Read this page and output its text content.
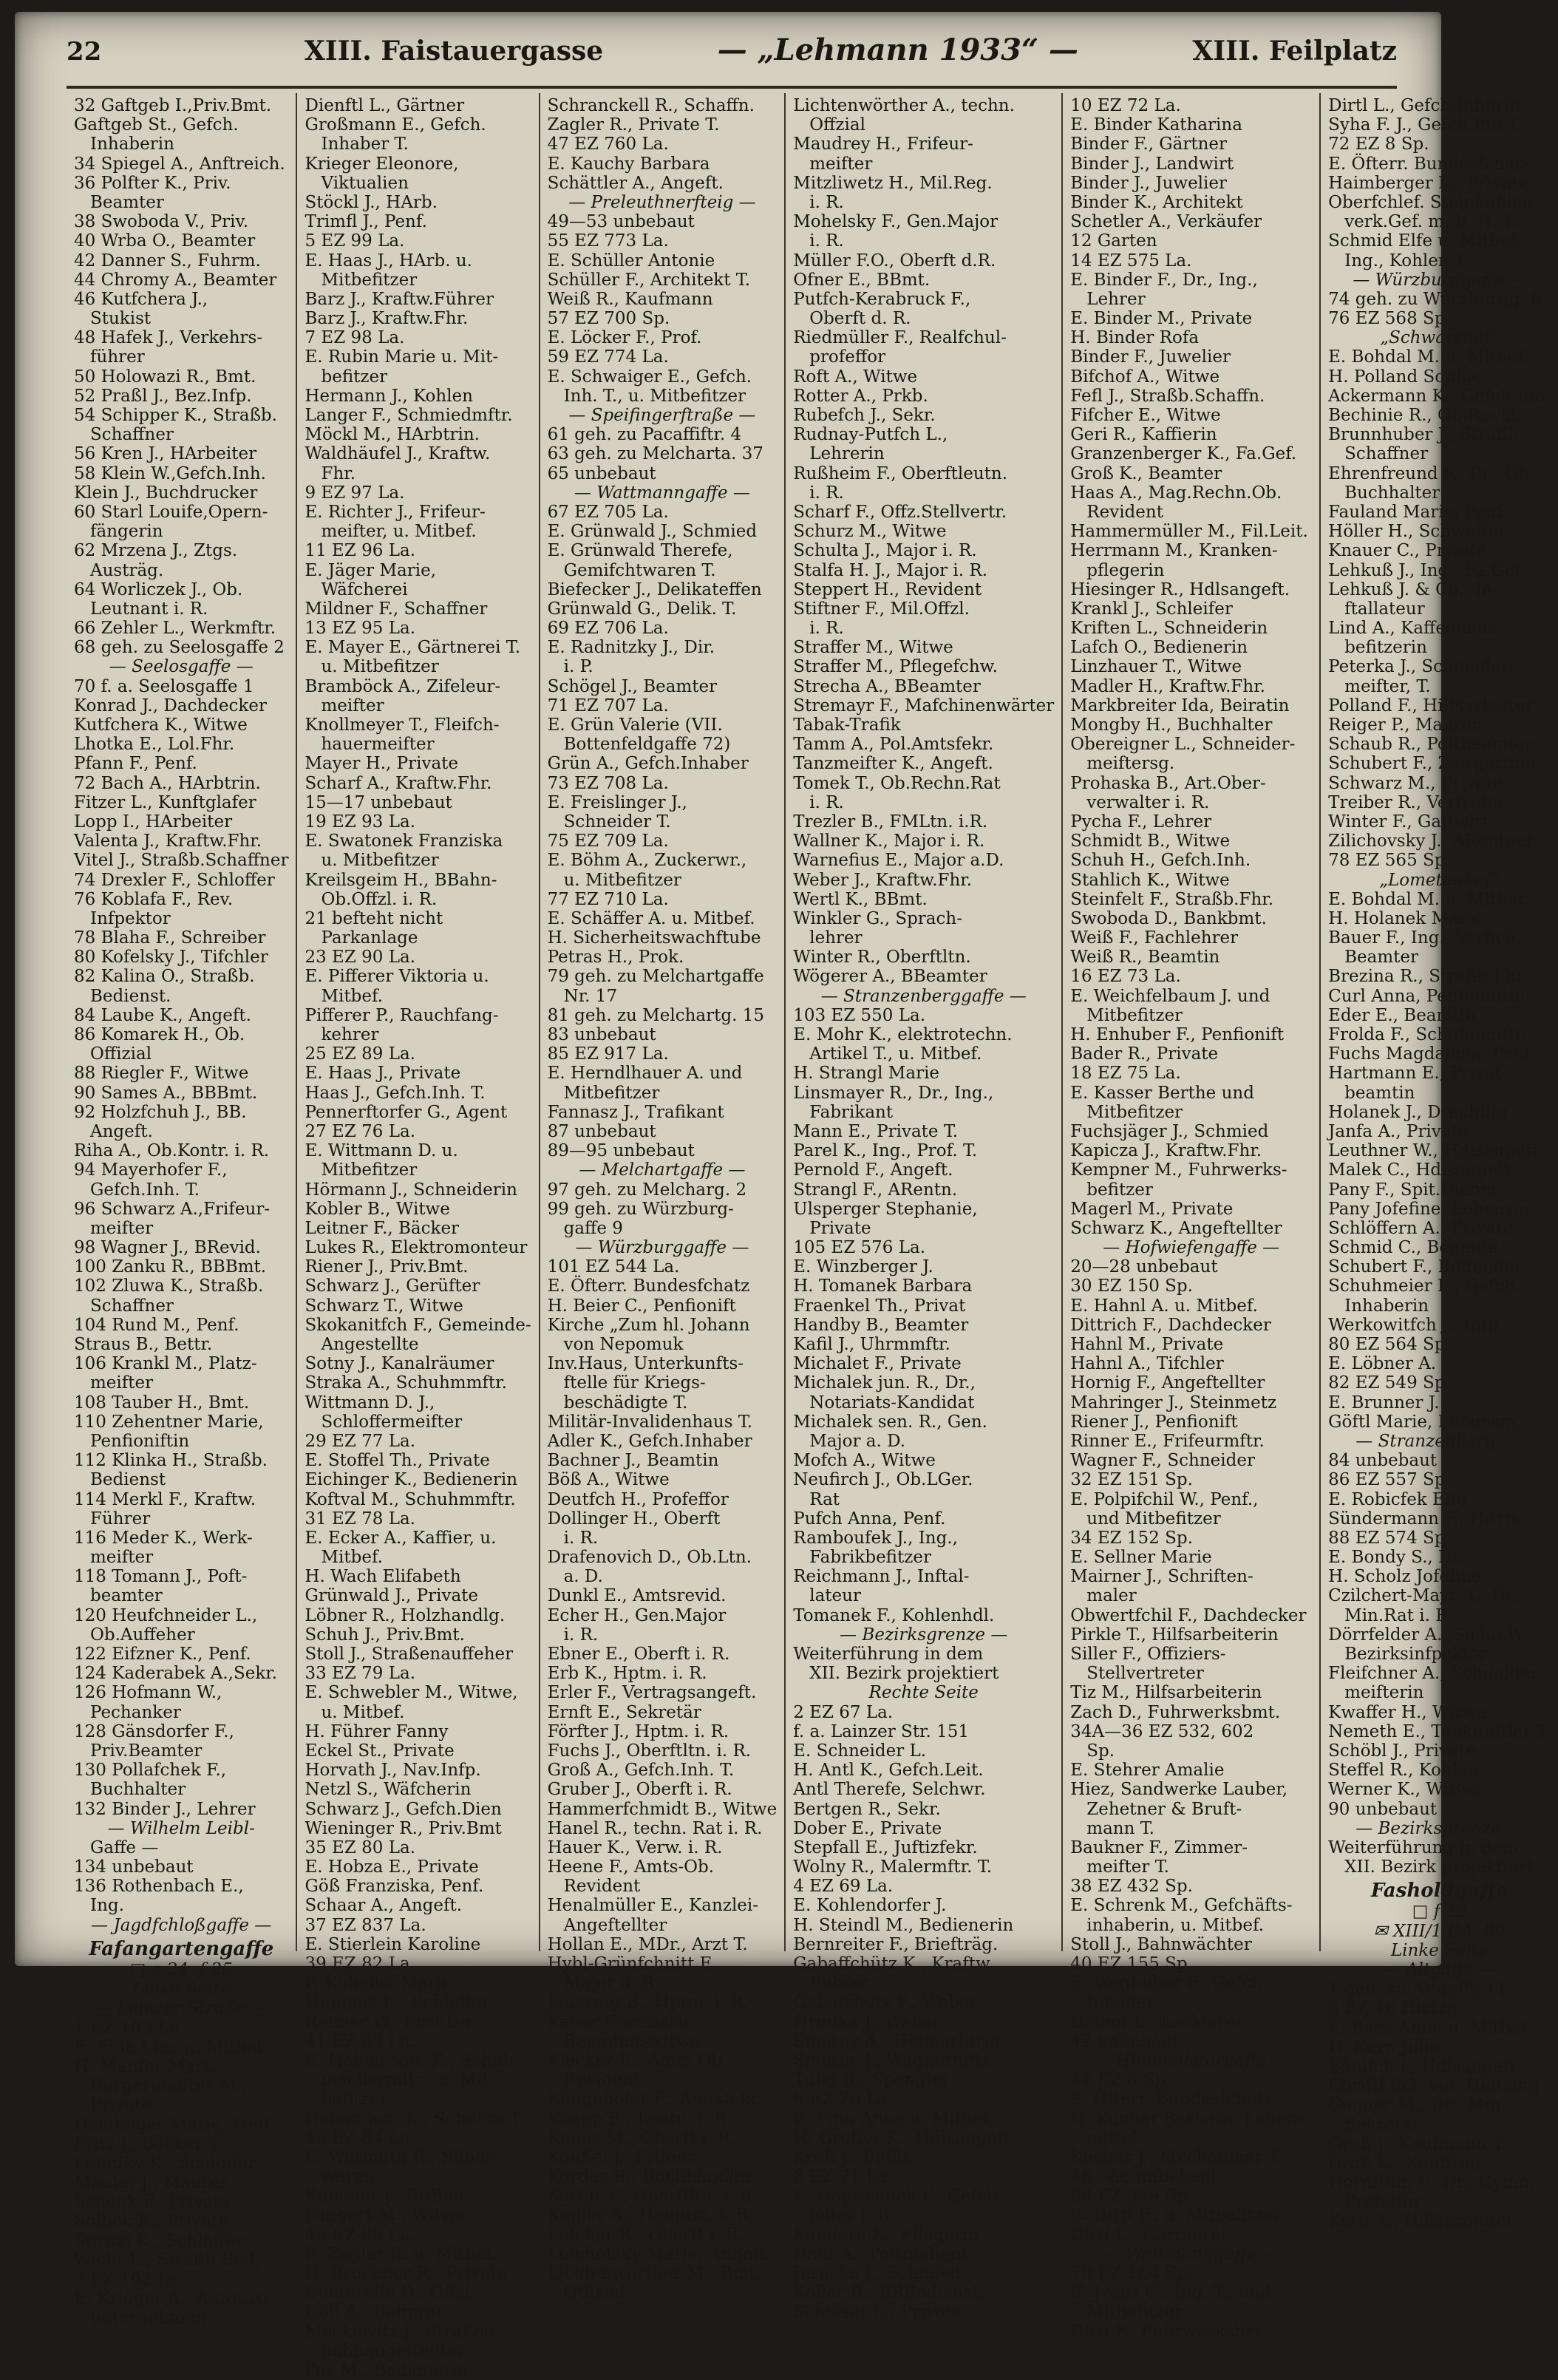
22	XIII. Faistauergasse	— „Lehmann 1933“ —	XIII. Feilplatz
32 Gaftgeb I.,Priv.Bmt.
Gaftgeb St., Gefch.
Inhaberin
34 Spiegel A., Anftreich.
36 Polfter K., Priv.
Beamter
38 Swoboda V., Priv.
40 Wrba O., Beamter
42 Danner S., Fuhrm.
44 Chromy A., Beamter
46 Kutfchera J.,
Stukist
48 Hafek J., Verkehrs-
führer
50 Holowazi R., Bmt.
52 Praßl J., Bez.Infp.
54 Schipper K., Straßb.
Schaffner
56 Kren J., HArbeiter
58 Klein W.,Gefch.Inh.
Klein J., Buchdrucker
60 Starl Louife,Opern-
fängerin
62 Mrzena J., Ztgs.
Austräg.
64 Worliczek J., Ob.
Leutnant i. R.
66 Zehler L., Werkmftr.
68 geh. zu Seelosgaffe 2
— Seelosgaffe —
70 f. a. Seelosgaffe 1
Konrad J., Dachdecker
Kutfchera K., Witwe
Lhotka E., Lol.Fhr.
Pfann F., Penf.
72 Bach A., HArbtrin.
Fitzer L., Kunftglafer
Lopp I., HArbeiter
Valenta J., Kraftw.Fhr.
Vitel J., Straßb.Schaffner
74 Drexler F., Schloffer
76 Koblafa F., Rev.
Infpektor
78 Blaha F., Schreiber
80 Kofelsky J., Tifchler
82 Kalina O., Straßb.
Bedienst.
84 Laube K., Angeft.
86 Komarek H., Ob.
Offizial
88 Riegler F., Witwe
90 Sames A., BBBmt.
92 Holzfchuh J., BB.
Angeft.
Riha A., Ob.Kontr. i. R.
94 Mayerhofer F.,
Gefch.Inh. T.
96 Schwarz A.,Frifeur-
meifter
98 Wagner J., BRevid.
100 Zanku R., BBBmt.
102 Zluwa K., Straßb.
Schaffner
104 Rund M., Penf.
Straus B., Bettr.
106 Krankl M., Platz-
meifter
108 Tauber H., Bmt.
110 Zehentner Marie,
Penfioniftin
112 Klinka H., Straßb.
Bedienst
114 Merkl F., Kraftw.
Führer
116 Meder K., Werk-
meifter
118 Tomann J., Poft-
beamter
120 Heufchneider L.,
Ob.Auffeher
122 Eifzner K., Penf.
124 Kaderabek A.,Sekr.
126 Hofmann W.,
Pechanker
128 Gänsdorfer F.,
Priv.Beamter
130 Pollafchek F.,
Buchhalter
132 Binder J., Lehrer
— Wilhelm Leibl-
Gaffe —
134 unbebaut
136 Rothenbach E.,
Ing.
— Jagdfchloßgaffe —
Fafangartengaffe
□ e 24, f 25
Linke Seite
— Lainzer Straße —
1 EZ 103 La.
E. Fink Lina u. Mitbef.
H. Manfer Mart.
Bürgermeifter M.,
Private
Demlinger Marie, Penf.
Fritz J., Bäcker T.
Lefinfky K., Schloffer
Mauler J., Maurer
Schenk F., Private
Solbek K., Private
Spritzi K., Schloffer
Wicht L., Straßb.Bed.
3 EZ 102 La.
E. Krieger A., Autotaxi-
unternehmen
Dienftl L., Gärtner
Großmann E., Gefch.
Inhaber T.
Krieger Eleonore,
Viktualien
Stöckl J., HArb.
Trimfl J., Penf.
5 EZ 99 La.
E. Haas J., HArb. u.
Mitbefitzer
Barz J., Kraftw.Führer
Barz J., Kraftw.Fhr.
7 EZ 98 La.
E. Rubin Marie u. Mit-
befitzer
Hermann J., Kohlen
Langer F., Schmiedmftr.
Möckl M., HArbtrin.
Waldhäufel J., Kraftw.
Fhr.
9 EZ 97 La.
E. Richter J., Frifeur-
meifter, u. Mitbef.
11 EZ 96 La.
E. Jäger Marie,
Wäfcherei
Mildner F., Schaffner
13 EZ 95 La.
E. Mayer E., Gärtnerei T.
u. Mitbefitzer
Bramböck A., Zifeleur-
meifter
Knollmeyer T., Fleifch-
hauermeifter
Mayer H., Private
Scharf A., Kraftw.Fhr.
15—17 unbebaut
19 EZ 93 La.
E. Swatonek Franziska
u. Mitbefitzer
Kreilsgeim H., BBahn-
Ob.Offzl. i. R.
21 befteht nicht
Parkanlage
23 EZ 90 La.
E. Pifferer Viktoria u.
Mitbef.
Pifferer P., Rauchfang-
kehrer
25 EZ 89 La.
E. Haas J., Private
Haas J., Gefch.Inh. T.
Pennerftorfer G., Agent
27 EZ 76 La.
E. Wittmann D. u.
Mitbefitzer
Hörmann J., Schneiderin
Kobler B., Witwe
Leitner F., Bäcker
Lukes R., Elektromonteur
Riener J., Priv.Bmt.
Schwarz J., Gerüfter
Schwarz T., Witwe
Skokanitfch F., Gemeinde-
Angestellte
Sotny J., Kanalräumer
Straka A., Schuhmmftr.
Wittmann D. J.,
Schloffermeifter
29 EZ 77 La.
E. Stoffel Th., Private
Eichinger K., Bedienerin
Koftval M., Schuhmmftr.
31 EZ 78 La.
E. Ecker A., Kaffier, u.
Mitbef.
H. Wach Elifabeth
Grünwald J., Private
Löbner R., Holzhandlg.
Schuh J., Priv.Bmt.
Stoll J., Straßenauffeher
33 EZ 79 La.
E. Schwebler M., Witwe,
u. Mitbef.
H. Führer Fanny
Eckel St., Private
Horvath J., Nav.Infp.
Netzl S., Wäfcherin
Schwarz J., Gefch.Dien
Wieninger R., Priv.Bmt
35 EZ 80 La.
E. Hobza E., Private
Göß Franziska, Penf.
Schaar A., Angeft.
37 EZ 837 La.
E. Stierlein Karoline
39 EZ 82 La.
F. Kubelka Marie
Huppert E., Schloffer
Renner W., Fbrf.Dir.
41 EZ 83 La.
E. Haban sen. K., Schuh-
machermftr., u. Mit-
befitzer
Haban jun. K., Schuhm.T.
43 EZ 84 La.
E. Warmuth R., Silber-
waren
Kummer J., BBBmt.
Pangert M., Witwe
45 EZ 85 La.
E. Zagler R. u. Mitbef.
H. Bruckner R., Private
Conterella D., Offzl.
Göll A., Bahnrat
Mackowitz J., Straßen-
bahnangeftellter
Pos M., Bedienerin
Schranckell R., Schaffn.
Zagler R., Private T.
47 EZ 760 La.
E. Kauchy Barbara
Schättler A., Angeft.
— Preleuthnerfteig —
49—53 unbebaut
55 EZ 773 La.
E. Schüller Antonie
Schüller F., Architekt T.
Weiß R., Kaufmann
57 EZ 700 Sp.
E. Löcker F., Prof.
59 EZ 774 La.
E. Schwaiger E., Gefch.
Inh. T., u. Mitbefitzer
— Speifingerftraße —
61 geh. zu Pacaffiftr. 4
63 geh. zu Melcharta. 37
65 unbebaut
— Wattmanngaffe —
67 EZ 705 La.
E. Grünwald J., Schmied
E. Grünwald Therefe,
Gemifchtwaren T.
Biefecker J., Delikateffen
Grünwald G., Delik. T.
69 EZ 706 La.
E. Radnitzky J., Dir.
i. P.
Schögel J., Beamter
71 EZ 707 La.
E. Grün Valerie (VII.
Bottenfeldgaffe 72)
Grün A., Gefch.Inhaber
73 EZ 708 La.
E. Freislinger J.,
Schneider T.
75 EZ 709 La.
E. Böhm A., Zuckerwr.,
u. Mitbefitzer
77 EZ 710 La.
E. Schäffer A. u. Mitbef.
H. Sicherheitswachftube
Petras H., Prok.
79 geh. zu Melchartgaffe
Nr. 17
81 geh. zu Melchartg. 15
83 unbebaut
85 EZ 917 La.
E. Herndlhauer A. und
Mitbefitzer
Fannasz J., Trafikant
87 unbebaut
89—95 unbebaut
— Melchartgaffe —
97 geh. zu Melcharg. 2
99 geh. zu Würzburg-
gaffe 9
— Würzburggaffe —
101 EZ 544 La.
E. Öfterr. Bundesfchatz
H. Beier C., Penfionift
Kirche „Zum hl. Johann
von Nepomuk
Inv.Haus, Unterkunfts-
ftelle für Kriegs-
beschädigte T.
Militär-Invalidenhaus T.
Adler K., Gefch.Inhaber
Bachner J., Beamtin
Böß A., Witwe
Deutfch H., Profeffor
Dollinger H., Oberft
i. R.
Drafenovich D., Ob.Ltn.
a. D.
Dunkl E., Amtsrevid.
Echer H., Gen.Major
i. R.
Ebner E., Oberft i. R.
Erb K., Hptm. i. R.
Erler F., Vertragsangeft.
Ernft E., Sekretär
Förfter J., Hptm. i. R.
Fuchs J., Oberftltn. i. R.
Groß A., Gefch.Inh. T.
Gruber J., Oberft i. R.
Hammerfchmidt B., Witwe
Hanel R., techn. Rat i. R.
Hauer K., Verw. i. R.
Heene F., Amts-Ob.
Revident
Henalmüller E., Kanzlei-
Angeftellter
Hollan E., MDr., Arzt T.
Hybl-Grünfchnitt E.,
Major d. R.
Jauernig B., Hptm. i. R.
Keber Franziska,
Beamtenswitwe
Klecker E., Amts-Ob.
Revident
Klingohofer F., Amtsfekr.
Knapp B., Leutn. i. R.
Knaus M., Oberft i. R.
Koußel J., Frifeur
Kordas R., Buchhändler
Kottur F., Oberftltn. i. R.
Kugler A., Hauptm. i. R.
Lefcher R., Oberft i. R.
Lefchetzky Marie, Angeft.
Lichtenwörther M., Bmt.
Offizial
Lichtenwörther A., techn.
Offzial
Maudrey H., Frifeur-
meifter
Mitzliwetz H., Mil.Reg.
i. R.
Mohelsky F., Gen.Major
i. R.
Müller F.O., Oberft d.R.
Ofner E., BBmt.
Putfch-Kerabruck F.,
Oberft d. R.
Riedmüller F., Realfchul-
profeffor
Roft A., Witwe
Rotter A., Prkb.
Rubefch J., Sekr.
Rudnay-Putfch L.,
Lehrerin
Rußheim F., Oberftleutn.
i. R.
Scharf F., Offz.Stellvertr.
Schurz M., Witwe
Schulta J., Major i. R.
Stalfa H. J., Major i. R.
Steppert H., Revident
Stiftner F., Mil.Offzl.
i. R.
Straffer M., Witwe
Straffer M., Pflegefchw.
Strecha A., BBeamter
Stremayr F., Mafchinenwärter
Tabak-Trafik
Tamm A., Pol.Amtsfekr.
Tanzmeifter K., Angeft.
Tomek T., Ob.Rechn.Rat
i. R.
Trezler B., FMLtn. i.R.
Wallner K., Major i. R.
Warnefius E., Major a.D.
Weber J., Kraftw.Fhr.
Wertl K., BBmt.
Winkler G., Sprach-
lehrer
Winter R., Oberftltn.
Wögerer A., BBeamter
— Stranzenberggaffe —
103 EZ 550 La.
E. Mohr K., elektrotechn.
Artikel T., u. Mitbef.
H. Strangl Marie
Linsmayer R., Dr., Ing.,
Fabrikant
Mann E., Private T.
Parel K., Ing., Prof. T.
Pernold F., Angeft.
Strangl F., ARentn.
Ulsperger Stephanie,
Private
105 EZ 576 La.
E. Winzberger J.
H. Tomanek Barbara
Fraenkel Th., Privat
Handby B., Beamter
Kafil J., Uhrmmftr.
Michalet F., Private
Michalek jun. R., Dr.,
Notariats-Kandidat
Michalek sen. R., Gen.
Major a. D.
Mofch A., Witwe
Neufirch J., Ob.LGer.
Rat
Pufch Anna, Penf.
Ramboufek J., Ing.,
Fabrikbefitzer
Reichmann J., Inftal-
lateur
Tomanek F., Kohlenhdl.
— Bezirksgrenze —
Weiterführung in dem
XII. Bezirk projektiert
Rechte Seite
2 EZ 67 La.
f. a. Lainzer Str. 151
E. Schneider L.
H. Antl K., Gefch.Leit.
Antl Therefe, Selchwr.
Bertgen R., Sekr.
Dober E., Private
Stepfall E., Juftizfekr.
Wolny R., Malermftr. T.
4 EZ 69 La.
E. Kohlendorfer J.
H. Steindl M., Bedienerin
Bernreiter F., Briefträg.
Gabaffchütz K., Kraftw.
Führer
Gabafchütz F., Weber
Hrudka J., Weber
Smutny A., Heimarbtrin.
Smutny J., Wagnermftr.
Tufel R., Spengler
6 EZ 70 La.
E. Fink Anna u. Mitbef.
H. Groffer K., Hdlsangeft.
Kreß J., Befür.
8 EZ 71 La.
E. Heptmanek F., Gefch.
leiter i. R.
Kaudera K., Pflegerin
Dent A., Poftobdient
Juracka J., Schmied
Koller B., BBBedienst.
Schoiser L., Private
10 EZ 72 La.
E. Binder Katharina
Binder F., Gärtner
Binder J., Landwirt
Binder J., Juwelier
Binder K., Architekt
Schetler A., Verkäufer
12 Garten
14 EZ 575 La.
E. Binder F., Dr., Ing.,
Lehrer
E. Binder M., Private
H. Binder Rofa
Binder F., Juwelier
Bifchof A., Witwe
Fefl J., Straßb.Schaffn.
Fifcher E., Witwe
Geri R., Kaffierin
Granzenberger K., Fa.Gef.
Groß K., Beamter
Haas A., Mag.Rechn.Ob.
Revident
Hammermüller M., Fil.Leit.
Herrmann M., Kranken-
pflegerin
Hiesinger R., Hdlsangeft.
Krankl J., Schleifer
Kriften L., Schneiderin
Lafch O., Bedienerin
Linzhauer T., Witwe
Madler H., Kraftw.Fhr.
Markbreiter Ida, Beiratin
Mongby H., Buchhalter
Obereigner L., Schneider-
meiftersg.
Prohaska B., Art.Ober-
verwalter i. R.
Pycha F., Lehrer
Schmidt B., Witwe
Schuh H., Gefch.Inh.
Stahlich K., Witwe
Steinfelt F., Straßb.Fhr.
Swoboda D., Bankbmt.
Weiß F., Fachlehrer
Weiß R., Beamtin
16 EZ 73 La.
E. Weichfelbaum J. und
Mitbefitzer
H. Enhuber F., Penfionift
Bader R., Private
18 EZ 75 La.
E. Kasser Berthe und
Mitbefitzer
Fuchsjäger J., Schmied
Kapicza J., Kraftw.Fhr.
Kempner M., Fuhrwerks-
befitzer
Magerl M., Private
Schwarz K., Angeftellter
— Hofwiefengaffe —
20—28 unbebaut
30 EZ 150 Sp.
E. Hahnl A. u. Mitbef.
Dittrich F., Dachdecker
Hahnl M., Private
Hahnl A., Tifchler
Hornig F., Angeftellter
Mahringer J., Steinmetz
Riener J., Penfionift
Rinner E., Frifeurmftr.
Wagner F., Schneider
32 EZ 151 Sp.
E. Polpifchil W., Penf.,
und Mitbefitzer
34 EZ 152 Sp.
E. Sellner Marie
Mairner J., Schriften-
maler
Obwertfchil F., Dachdecker
Pirkle T., Hilfsarbeiterin
Siller F., Offiziers-
Stellvertreter
Tiz M., Hilfsarbeiterin
Zach D., Fuhrwerksbmt.
34A—36 EZ 532, 602
Sp.
E. Stehrer Amalie
Hiez, Sandwerke Lauber,
Zehetner & Bruft-
mann T.
Baukner F., Zimmer-
meifter T.
38 EZ 432 Sp.
E. Schrenk M., Gefchäfts-
inhaberin, u. Mitbef.
Stoll J., Bahnwächter
40 EZ 155 Sp.
E. Weghuber F., Gefch.
Inhaber
Dinhof L., Lackierer
42 unbebaut
— Himmelhaurgaffe —
44 EZ 8 Sp.
E. Öfterr. Bundesfchatz
H. Kuchar Barbara, Lebens-
mittel
Kuchar J., Mechaniker T.
46—66 unbebaut
68 EZ 359 Sp.
E. Dirtl F., u. Mitbefitzer
Dirtl L., Gärtnerei
— Wattmanngaffe —
70 EZ 164 Sp.
E. Jvenz C., Ing. T., und
Mitbefitzer
Dirtl F., Fuhrwerksbef.
Dirtl L., Gefch.Inhbrin.
Syha F. J., Gefch.Inh.T.
72 EZ 8 Sp.
E. Öfterr. Bundesfchatz
Haimberger K., Private
Oberfchlef. Steinkohlen-
verk.Gef. m. b. H. T.
Schmid Elfe u. Mitbef.
Ing., Kohlen T.
— Würzburggaffe —
74 geh. zu Würzburgg. 6
76 EZ 568 Sp.
„Schwarzhof“
E. Bohdal M. u. Mitbef.
H. Polland Sophie
Ackermann K., Gefch.Inh.
Bechinie R., Ob.Revid.
Brunnhuber J., Straßb.
Schaffner
Ehrenfreund F., Dr., Ob.
Buchhalter
Fauland Marie, Penf.
Höller H., Schwefter
Knauer C., Private
Lehkuß J., Ing., Fa.Gef.
Lehkuß J. & Co., In-
ftallateur
Lind A., Kaffeehaus-
befitzerin
Peterka J., Schneider-
meifter, T.
Polland F., Hilfsarbeiter
Reiger P., Maurer
Schaub R., Poftbeamter
Schubert F., Ziergärtner
Schwarz M., Private
Treiber R., Vertreter
Winter F., Gaftwirt
Zilichovsky J., ARentner
78 EZ 565 Sp.
„Lometenhof“
E. Bohdal M. u. Mitbef.
H. Holanek Marie
Bauer F., Ing., Verfich.
Beamter
Brezina R., Straßb.Fhr.
Curl Anna, Penfioniftin
Eder E., Beamtin
Frolda F., Schuhmmftr.
Fuchs Magdalena, Penf.
Hartmann E., Privat-
beamtin
Holanek J., Drechfler
Janfa A., Private
Leuthner W., Hdlsangeft.
Malek C., Hdlsangeft.
Pany F., Spit.Diener
Pany Jofefine, Lebensm.
Schlöffern A., Private
Schmid C., Beamtin
Schubert F., Reifender
Schuhmeier L., Gefch.
Inhaberin
Werkowitfch J., Infp.
80 EZ 564 Sp.
E. Löbner A.
82 EZ 549 Sp.
E. Brunner J.
Göftl Marie, Lebensm.
— Stranzenberg. —
84 unbebaut
86 EZ 557 Sp.
E. Robicfek Elfe
Sündermann F., HArb.
88 EZ 574 Sp.
E. Bondy S., Dr.
H. Scholz Jofefine
Czilchert-Mayr A., Dr.,
Min.Rat i. R.
Dörrfelder A., Sichb.W.
Bezirksinfpektor
Fleifchner A., Schneider-
meifterin
Kwaffer H., Witwe
Nemeth E., Tonkünftler T.
Schöbl J., Private
Steffel R., Kohlen
Werner K., Witwe
90 unbebaut
— Bezirksgrenze —
Weiterführung in dem
XII. Bezirk projektiert
Fasholdgaffe
□ f 22
✉ XIII/1 P.A. 89
Linke Seite
— Altgaffe —
1 geh. zu Altgaffe 11
3 EZ 46 Hietzg.
E. Bees Anna u. Mitbef.
H. Kern Julie
Bönifch J., Hdlsangeft.
Chriftl.fo3. Ver. Hietzing
Ganner M., Dr., Min.
Sekretär
Groß J., Kaufmann T.
Groß K., Kauffrau
Hornftein F., Dr., Gymn.
Profeffor
Kern A., Hilfsarbeiter
